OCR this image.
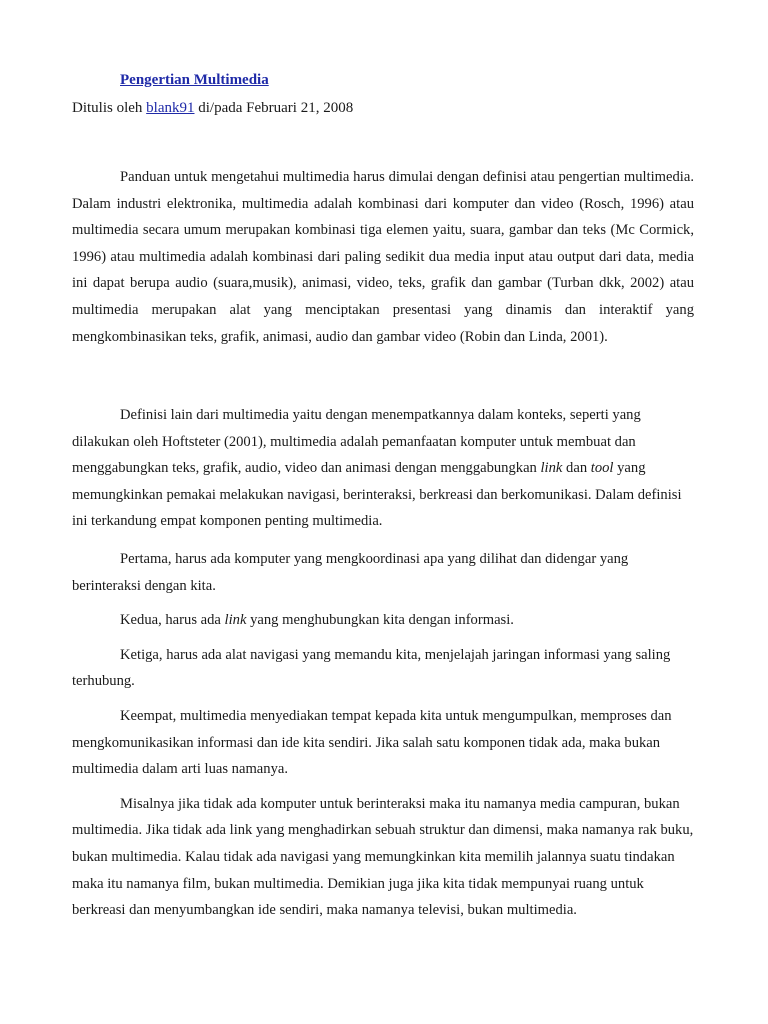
Pengertian Multimedia

Ditulis oleh blank91 di/pada Februari 21, 2008

Panduan untuk mengetahui multimedia harus dimulai dengan definisi atau pengertian multimedia. Dalam industri elektronika, multimedia adalah kombinasi dari komputer dan video (Rosch, 1996) atau multimedia secara umum merupakan kombinasi tiga elemen yaitu, suara, gambar dan teks (Mc Cormick, 1996) atau multimedia adalah kombinasi dari paling sedikit dua media input atau output dari data, media ini dapat berupa audio (suara,musik), animasi, video, teks, grafik dan gambar (Turban dkk, 2002) atau multimedia merupakan alat yang menciptakan presentasi yang dinamis dan interaktif yang mengkombinasikan teks, grafik, animasi, audio dan gambar video (Robin dan Linda, 2001).

Definisi lain dari multimedia yaitu dengan menempatkannya dalam konteks, seperti yang dilakukan oleh Hoftsteter (2001), multimedia adalah pemanfaatan komputer untuk membuat dan menggabungkan teks, grafik, audio, video dan animasi dengan menggabungkan link dan tool yang memungkinkan pemakai melakukan navigasi, berinteraksi, berkreasi dan berkomunikasi. Dalam definisi ini terkandung empat komponen penting multimedia.

Pertama, harus ada komputer yang mengkoordinasi apa yang dilihat dan didengar yang berinteraksi dengan kita.

Kedua, harus ada link yang menghubungkan kita dengan informasi.

Ketiga, harus ada alat navigasi yang memandu kita, menjelajah jaringan informasi yang saling terhubung.

Keempat, multimedia menyediakan tempat kepada kita untuk mengumpulkan, memproses dan mengkomunikasikan informasi dan ide kita sendiri. Jika salah satu komponen tidak ada, maka bukan multimedia dalam arti luas namanya.

Misalnya jika tidak ada komputer untuk berinteraksi maka itu namanya media campuran, bukan multimedia. Jika tidak ada link yang menghadirkan sebuah struktur dan dimensi, maka namanya rak buku, bukan multimedia. Kalau tidak ada navigasi yang memungkinkan kita memilih jalannya suatu tindakan maka itu namanya film, bukan multimedia. Demikian juga jika kita tidak mempunyai ruang untuk berkreasi dan menyumbangkan ide sendiri, maka namanya televisi, bukan multimedia.
